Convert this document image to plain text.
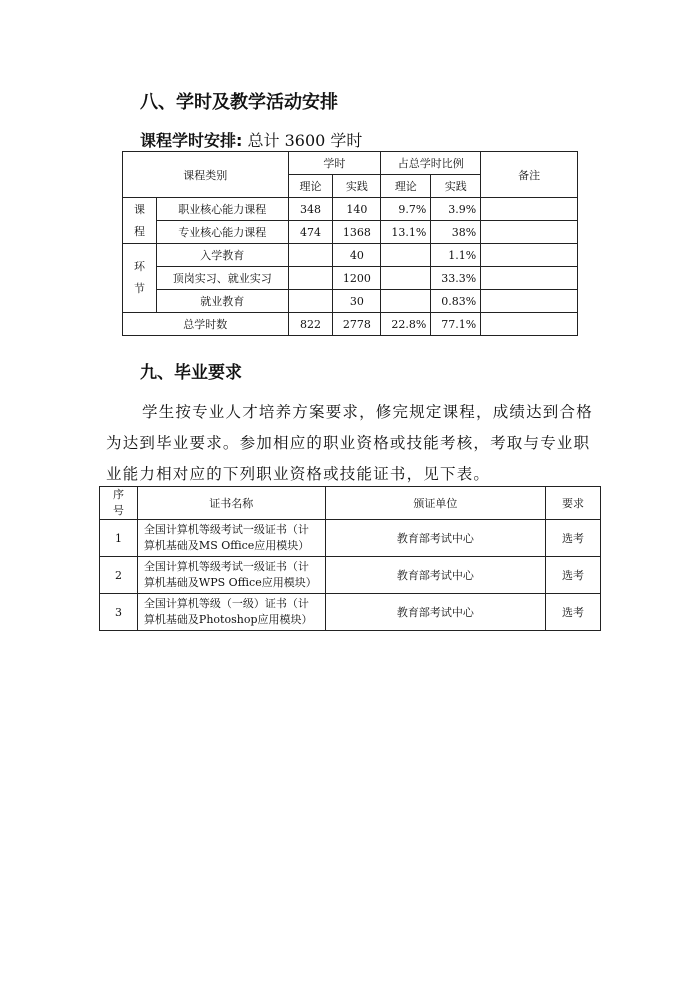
八、学时及教学活动安排
课程学时安排: 总计 3600 学时
课程类别		学时		占总学时比例		备注
		理论	实践	理论	实践	
课程	职业核心能力课程	348	140	9.7%	3.9%	
	专业核心能力课程	474	1368	13.1%	38%	
环节	入学教育		40		1.1%	
	顶岗实习、就业实习		1200		33.3%	
	就业教育		30		0.83%	
总学时数		822	2778	22.8%	77.1%	
九、毕业要求
学生按专业人才培养方案要求，修完规定课程，成绩达到合格为达到毕业要求。参加相应的职业资格或技能考核，考取与专业职业能力相对应的下列职业资格或技能证书，见下表。
序号	证书名称	颁证单位	要求
1	全国计算机等级考试一级证书（计算机基础及MS Office应用模块）	教育部考试中心	选考
2	全国计算机等级考试一级证书（计算机基础及WPS Office应用模块）	教育部考试中心	选考
3	全国计算机等级（一级）证书（计算机基础及Photoshop应用模块）	教育部考试中心	选考
